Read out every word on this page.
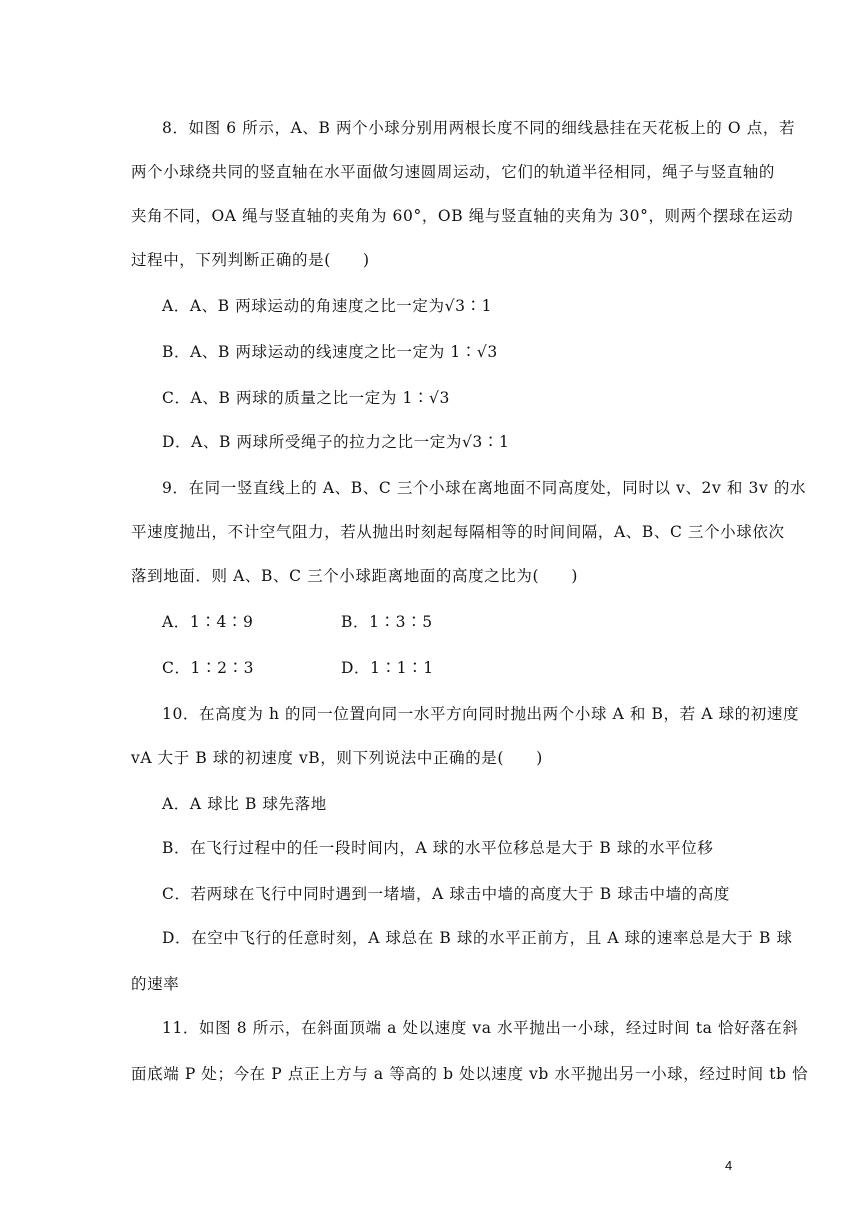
8．如图 6 所示，A、B 两个小球分别用两根长度不同的细线悬挂在天花板上的 O 点，若
两个小球绕共同的竖直轴在水平面做匀速圆周运动，它们的轨道半径相同，绳子与竖直轴的
夹角不同，OA 绳与竖直轴的夹角为 60°，OB 绳与竖直轴的夹角为 30°，则两个摆球在运动
过程中，下列判断正确的是(　　)
A．A、B 两球运动的角速度之比一定为√3∶1
B．A、B 两球运动的线速度之比一定为 1∶√3
C．A、B 两球的质量之比一定为 1∶√3
D．A、B 两球所受绳子的拉力之比一定为√3∶1
9．在同一竖直线上的 A、B、C 三个小球在离地面不同高度处，同时以 v、2v 和 3v 的水
平速度抛出，不计空气阻力，若从抛出时刻起每隔相等的时间间隔，A、B、C 三个小球依次
落到地面．则 A、B、C 三个小球距离地面的高度之比为(　　)
A．1∶4∶9	B．1∶3∶5
C．1∶2∶3	D．1∶1∶1
10．在高度为 h 的同一位置向同一水平方向同时抛出两个小球 A 和 B，若 A 球的初速度
vA 大于 B 球的初速度 vB，则下列说法中正确的是(　　)
A．A 球比 B 球先落地
B．在飞行过程中的任一段时间内，A 球的水平位移总是大于 B 球的水平位移
C．若两球在飞行中同时遇到一堵墙，A 球击中墙的高度大于 B 球击中墙的高度
D．在空中飞行的任意时刻，A 球总在 B 球的水平正前方，且 A 球的速率总是大于 B 球
的速率
11．如图 8 所示，在斜面顶端 a 处以速度 va 水平抛出一小球，经过时间 ta 恰好落在斜
面底端 P 处；今在 P 点正上方与 a 等高的 b 处以速度 vb 水平抛出另一小球，经过时间 tb 恰
4
